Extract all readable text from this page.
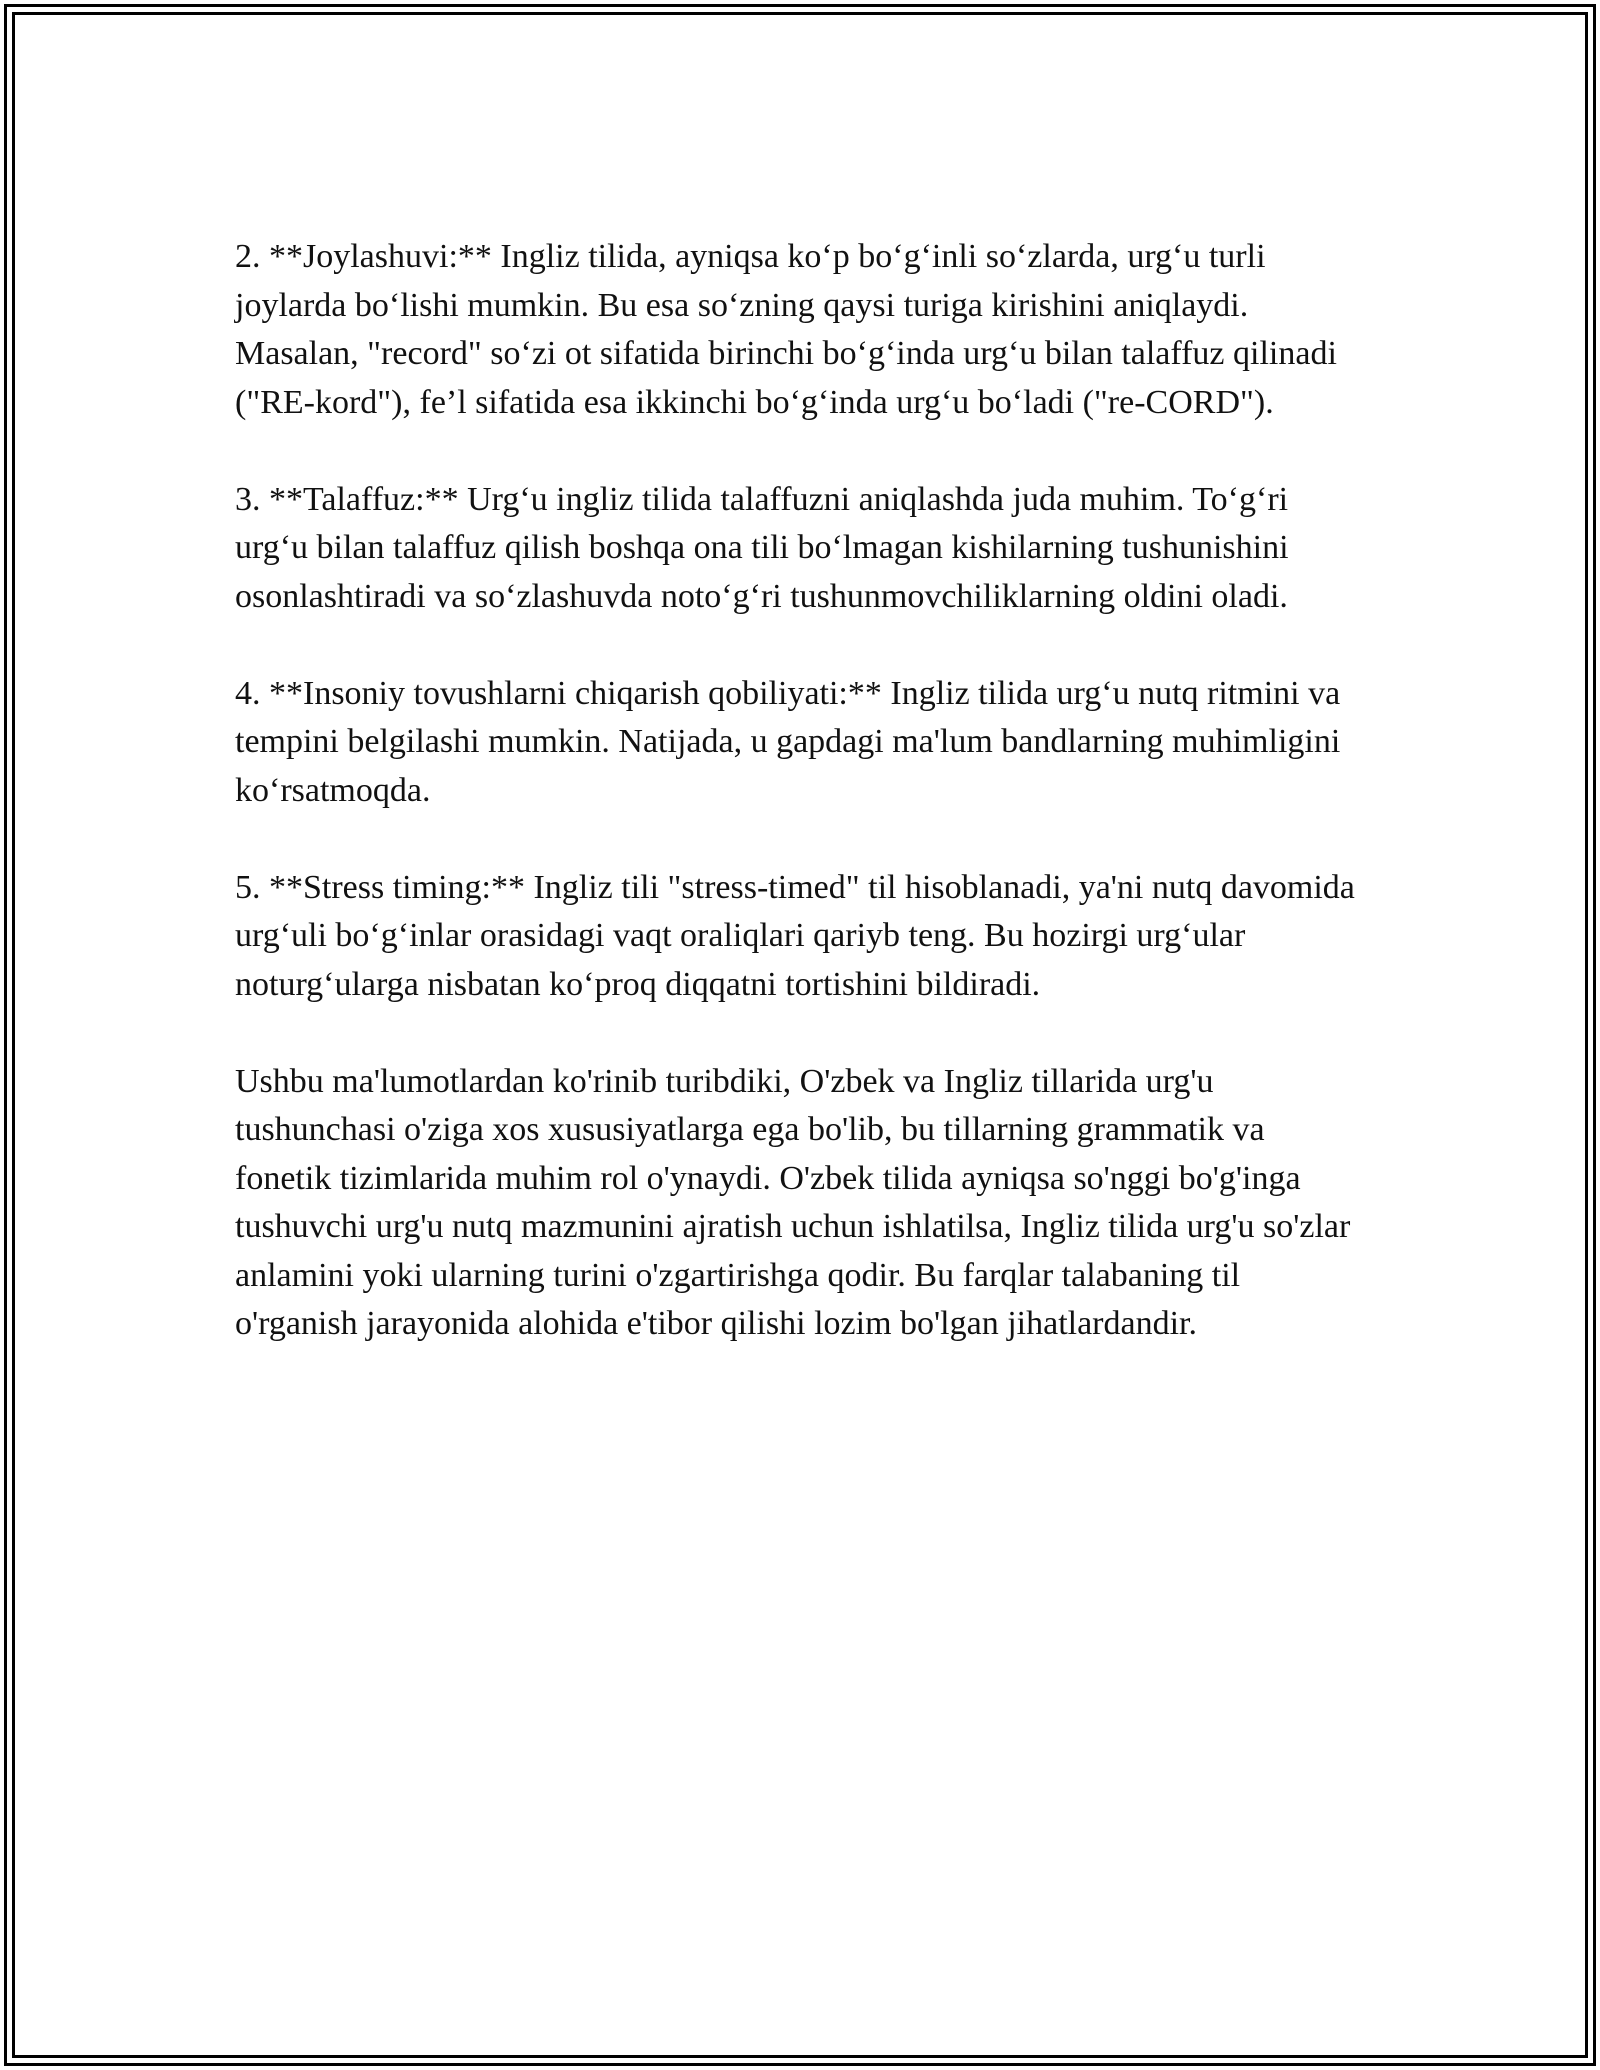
2. **Joylashuvi:** Ingliz tilida, ayniqsa ko‘p bo‘g‘inli so‘zlarda, urg‘u turli joylarda bo‘lishi mumkin. Bu esa so‘zning qaysi turiga kirishini aniqlaydi. Masalan, "record" so‘zi ot sifatida birinchi bo‘g‘inda urg‘u bilan talaffuz qilinadi ("RE-kord"), fe’l sifatida esa ikkinchi bo‘g‘inda urg‘u bo‘ladi ("re-CORD").

3. **Talaffuz:** Urg‘u ingliz tilida talaffuzni aniqlashda juda muhim. To‘g‘ri urg‘u bilan talaffuz qilish boshqa ona tili bo‘lmagan kishilarning tushunishini osonlashtiradi va so‘zlashuvda noto‘g‘ri tushunmovchiliklarning oldini oladi.

4. **Insoniy tovushlarni chiqarish qobiliyati:** Ingliz tilida urg‘u nutq ritmini va tempini belgilashi mumkin. Natijada, u gapdagi ma'lum bandlarning muhimligini ko‘rsatmoqda.

5. **Stress timing:** Ingliz tili "stress-timed" til hisoblanadi, ya'ni nutq davomida urg‘uli bo‘g‘inlar orasidagi vaqt oraliqlari qariyb teng. Bu hozirgi urg‘ular noturg‘ularga nisbatan ko‘proq diqqatni tortishini bildiradi.

Ushbu ma'lumotlardan ko'rinib turibdiki, O'zbek va Ingliz tillarida urg'u tushunchasi o'ziga xos xususiyatlarga ega bo'lib, bu tillarning grammatik va fonetik tizimlarida muhim rol o'ynaydi. O'zbek tilida ayniqsa so'nggi bo'g'inga tushuvchi urg'u nutq mazmunini ajratish uchun ishlatilsa, Ingliz tilida urg'u so'zlar anlamini yoki ularning turini o'zgartirishga qodir. Bu farqlar talabaning til o'rganish jarayonida alohida e'tibor qilishi lozim bo'lgan jihatlardandir.
